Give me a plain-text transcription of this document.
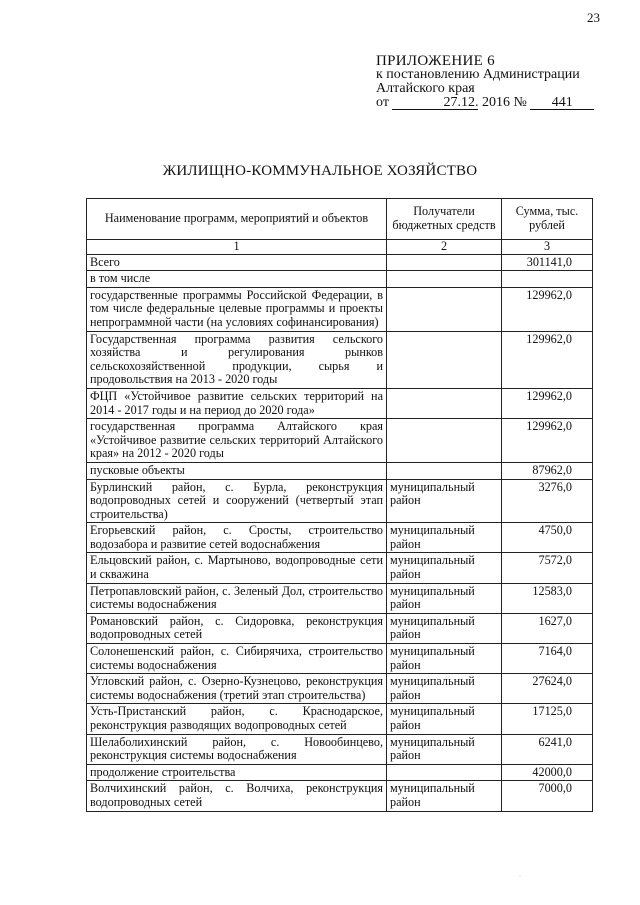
23
ПРИЛОЖЕНИЕ 6
к постановлению Администрации
Алтайского края
от	27.12. 2016 № 441
ЖИЛИЩНО-КОММУНАЛЬНОЕ ХОЗЯЙСТВО
Наименование программ, мероприятий и объектов	Получатели бюджетных средств	Сумма, тыс. рублей
1	2	3
Всего		301141,0
в том числе		
государственные программы Российской Федерации, в том числе федеральные целевые программы и проекты непрограммной части (на условиях софинансирования)		129962,0
Государственная программа развития сельского хозяйства и регулирования рынков сельскохозяйственной продукции, сырья и продовольствия на 2013 - 2020 годы		129962,0
ФЦП «Устойчивое развитие сельских территорий на 2014 - 2017 годы и на период до 2020 года»		129962,0
государственная программа Алтайского края «Устойчивое развитие сельских территорий Алтайского края» на 2012 - 2020 годы		129962,0
пусковые объекты		87962,0
Бурлинский район, с. Бурла, реконструкция водопроводных сетей и сооружений (четвертый этап строительства)	муниципальный район	3276,0
Егорьевский район, с. Сросты, строительство водозабора и развитие сетей водоснабжения	муниципальный район	4750,0
Ельцовский район, с. Мартыново, водопроводные сети и скважина	муниципальный район	7572,0
Петропавловский район, с. Зеленый Дол, строительство системы водоснабжения	муниципальный район	12583,0
Романовский район, с. Сидоровка, реконструкция водопроводных сетей	муниципальный район	1627,0
Солонешенский район, с. Сибирячиха, строительство системы водоснабжения	муниципальный район	7164,0
Угловский район, с. Озерно-Кузнецово, реконструкция системы водоснабжения (третий этап строительства)	муниципальный район	27624,0
Усть-Пристанский район, с. Краснодарское, реконструкция разводящих водопроводных сетей	муниципальный район	17125,0
Шелаболихинский район, с. Новообинцево, реконструкция системы водоснабжения	муниципальный район	6241,0
продолжение строительства		42000,0
Волчихинский район, с. Волчиха, реконструкция водопроводных сетей	муниципальный район	7000,0
·
